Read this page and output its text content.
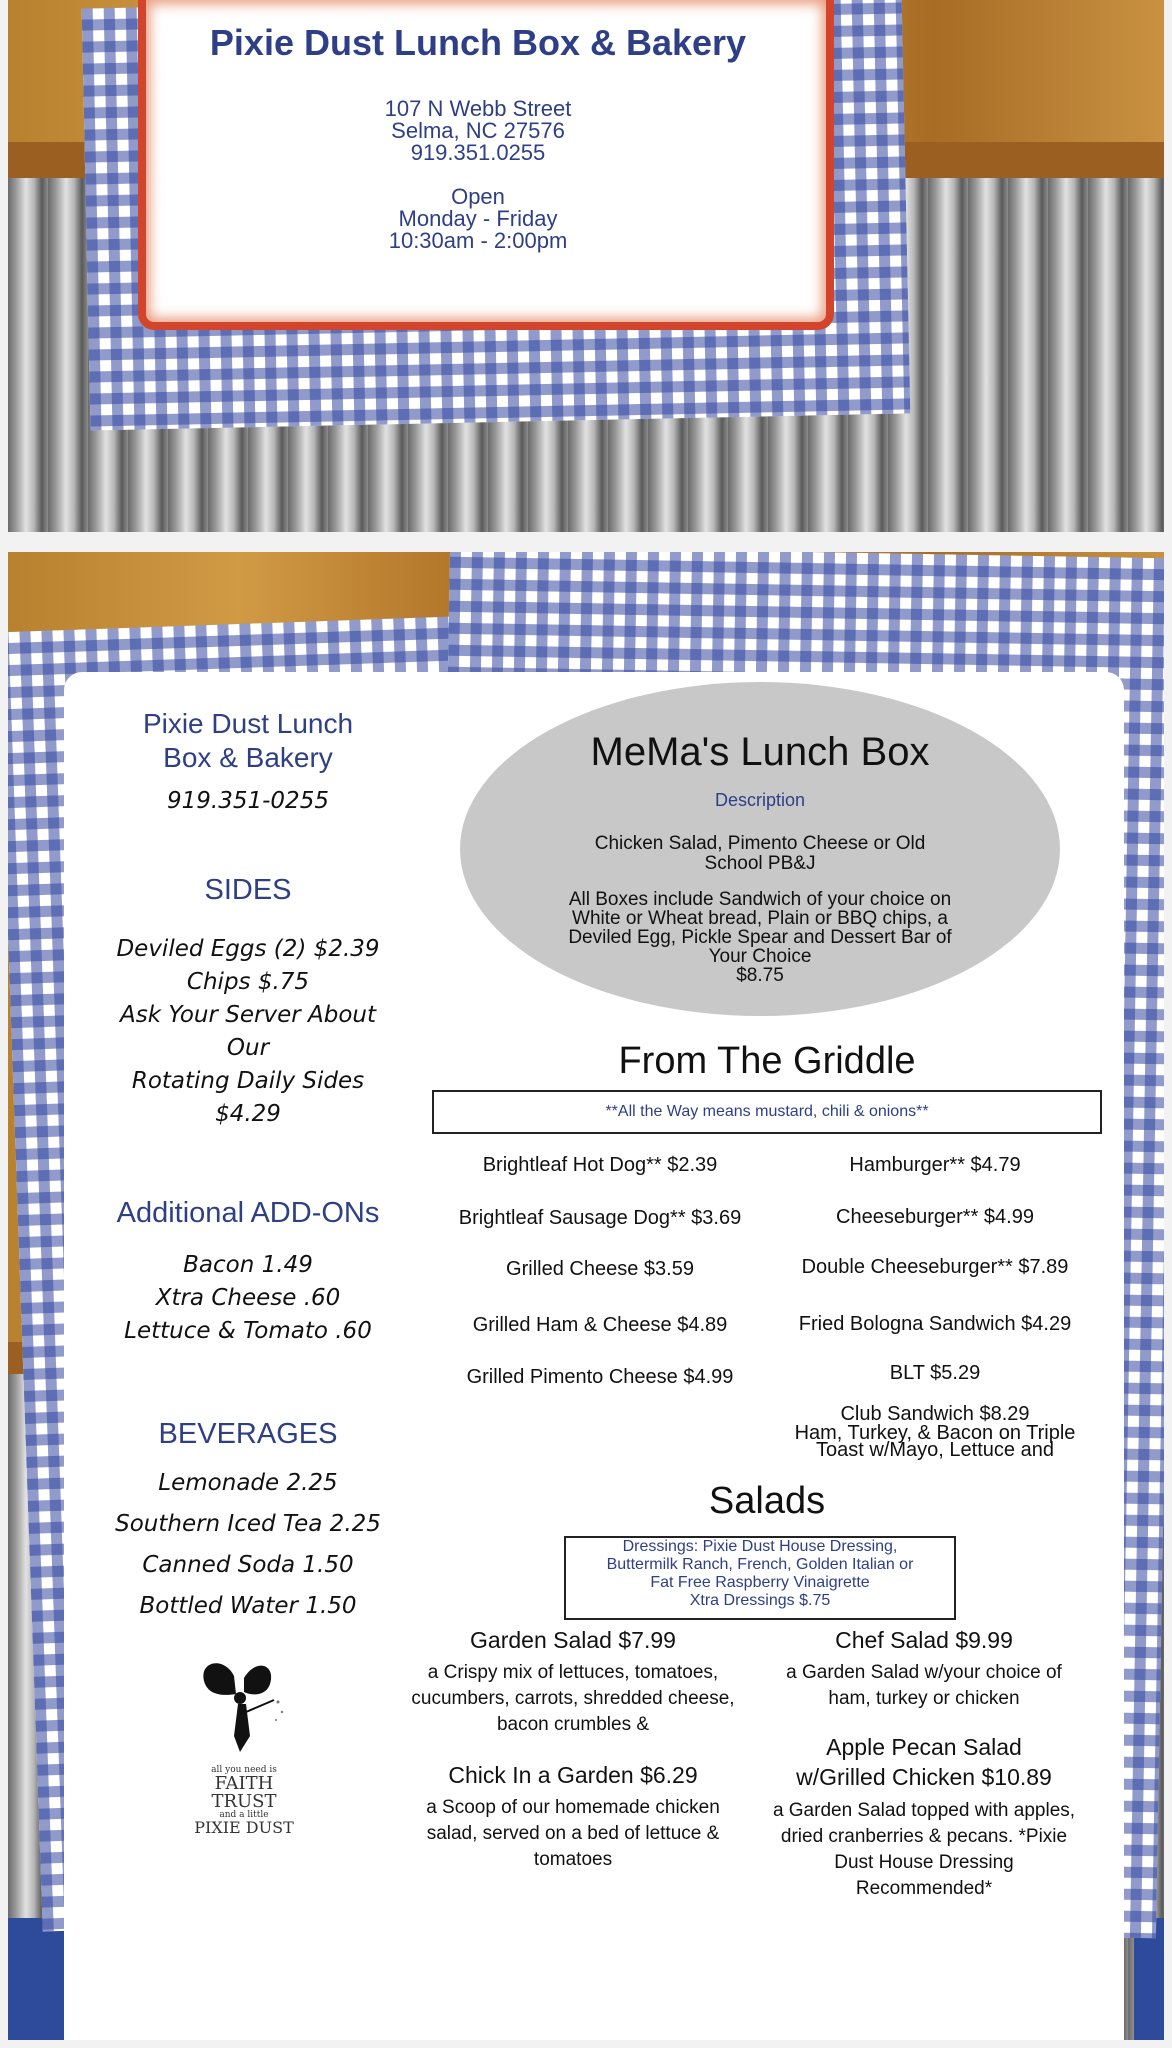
Pixie Dust Lunch Box & Bakery
107 N Webb Street
Selma, NC 27576
919.351.0255
Open
Monday - Friday
10:30am - 2:00pm
Pixie Dust Lunch
Box & Bakery
919.351-0255
SIDES
Deviled Eggs (2) $2.39
Chips $.75
Ask Your Server About
Our
Rotating Daily Sides
$4.29
Additional ADD-ONs
Bacon 1.49
Xtra Cheese .60
Lettuce & Tomato .60
BEVERAGES
Lemonade 2.25
Southern Iced Tea 2.25
Canned Soda 1.50
Bottled Water 1.50
all you need is
FAITH
TRUST
and a little
PIXIE DUST
MeMa's Lunch Box
Description
Chicken Salad, Pimento Cheese or Old School PB&J
All Boxes include Sandwich of your choice on White or Wheat bread, Plain or BBQ chips, a Deviled Egg, Pickle Spear and Dessert Bar of Your Choice
$8.75
From The Griddle
**All the Way means mustard, chili & onions**
Brightleaf Hot Dog** $2.39
Brightleaf Sausage Dog** $3.69
Grilled Cheese $3.59
Grilled Ham & Cheese $4.89
Grilled Pimento Cheese $4.99
Hamburger** $4.79
Cheeseburger** $4.99
Double Cheeseburger** $7.89
Fried Bologna Sandwich $4.29
BLT $5.29
Club Sandwich $8.29
Ham, Turkey, & Bacon on Triple
Toast w/Mayo, Lettuce and
Salads
Dressings: Pixie Dust House Dressing,
Buttermilk Ranch, French, Golden Italian or
Fat Free Raspberry Vinaigrette
Xtra Dressings $.75
Garden Salad $7.99
a Crispy mix of lettuces, tomatoes, cucumbers, carrots, shredded cheese, bacon crumbles &
Chef Salad $9.99
a Garden Salad w/your choice of ham, turkey or chicken
Chick In a Garden $6.29
a Scoop of our homemade chicken salad, served on a bed of lettuce & tomatoes
Apple Pecan Salad
w/Grilled Chicken $10.89
a Garden Salad topped with apples, dried cranberries & pecans. *Pixie Dust House Dressing Recommended*
